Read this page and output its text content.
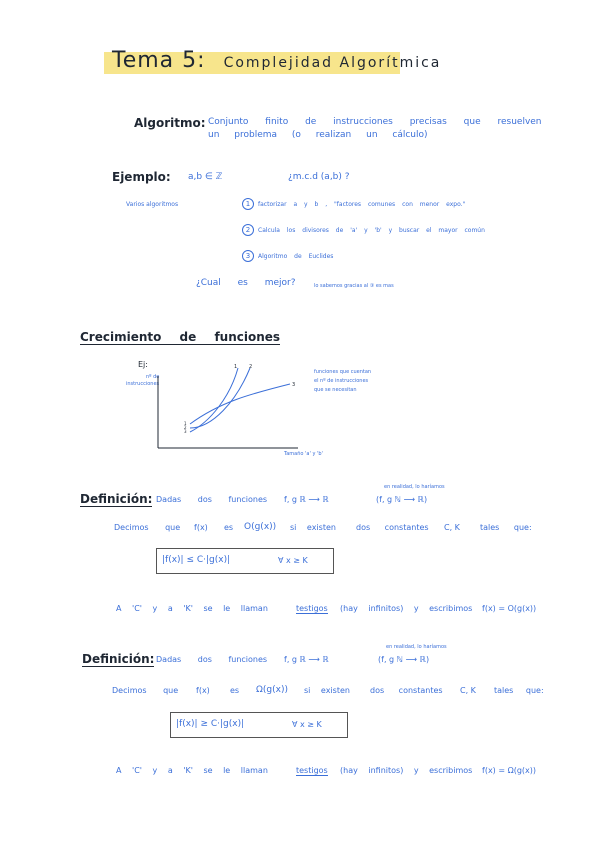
Tema 5: Complejidad Algorítmica
Algoritmo: Conjunto finito de instrucciones precisas que resuelven
un problema (o realizan un cálculo)
Ejemplo: a,b ∈ ℤ	¿m.c.d (a,b) ?
Varios algoritmos	1 factorizar a y b , "factores comunes con menor expo."
2 Calcula los divisores de 'a' y 'b' y buscar el mayor común
3 Algoritmo de Euclides
¿Cual es mejor?	lo sabemos gracias al ③ es mas
Crecimiento de funciones
Ej:
nº de
instrucciones
1 2
3
1
2
3
Tamaño 'a' y 'b'
funciones que cuentan
el nº de instrucciones
que se necesitan
Definición: Dadas dos funciones f, g ℝ ⟶ ℝ
en realidad, lo haríamos
(f, g ℕ ⟶ ℝ)
Decimos que f(x) es O(g(x)) si existen	dos constantes C, K	tales que:
|f(x)| ≤ C·|g(x)|	∀ x ≥ K
A 'C' y a 'K' se le llaman	testigos (hay infinitos) y escribimos f(x) = O(g(x))
Definición: Dadas dos funciones f, g ℝ ⟶ ℝ
en realidad, lo haríamos
(f, g ℕ ⟶ ℝ)
Decimos que f(x)	es Ω(g(x)) si existen	dos constantes C, K tales que:
|f(x)| ≥ C·|g(x)|	∀ x ≥ K
A 'C' y a 'K' se le llaman	testigos (hay infinitos) y escribimos f(x) = Ω(g(x))
